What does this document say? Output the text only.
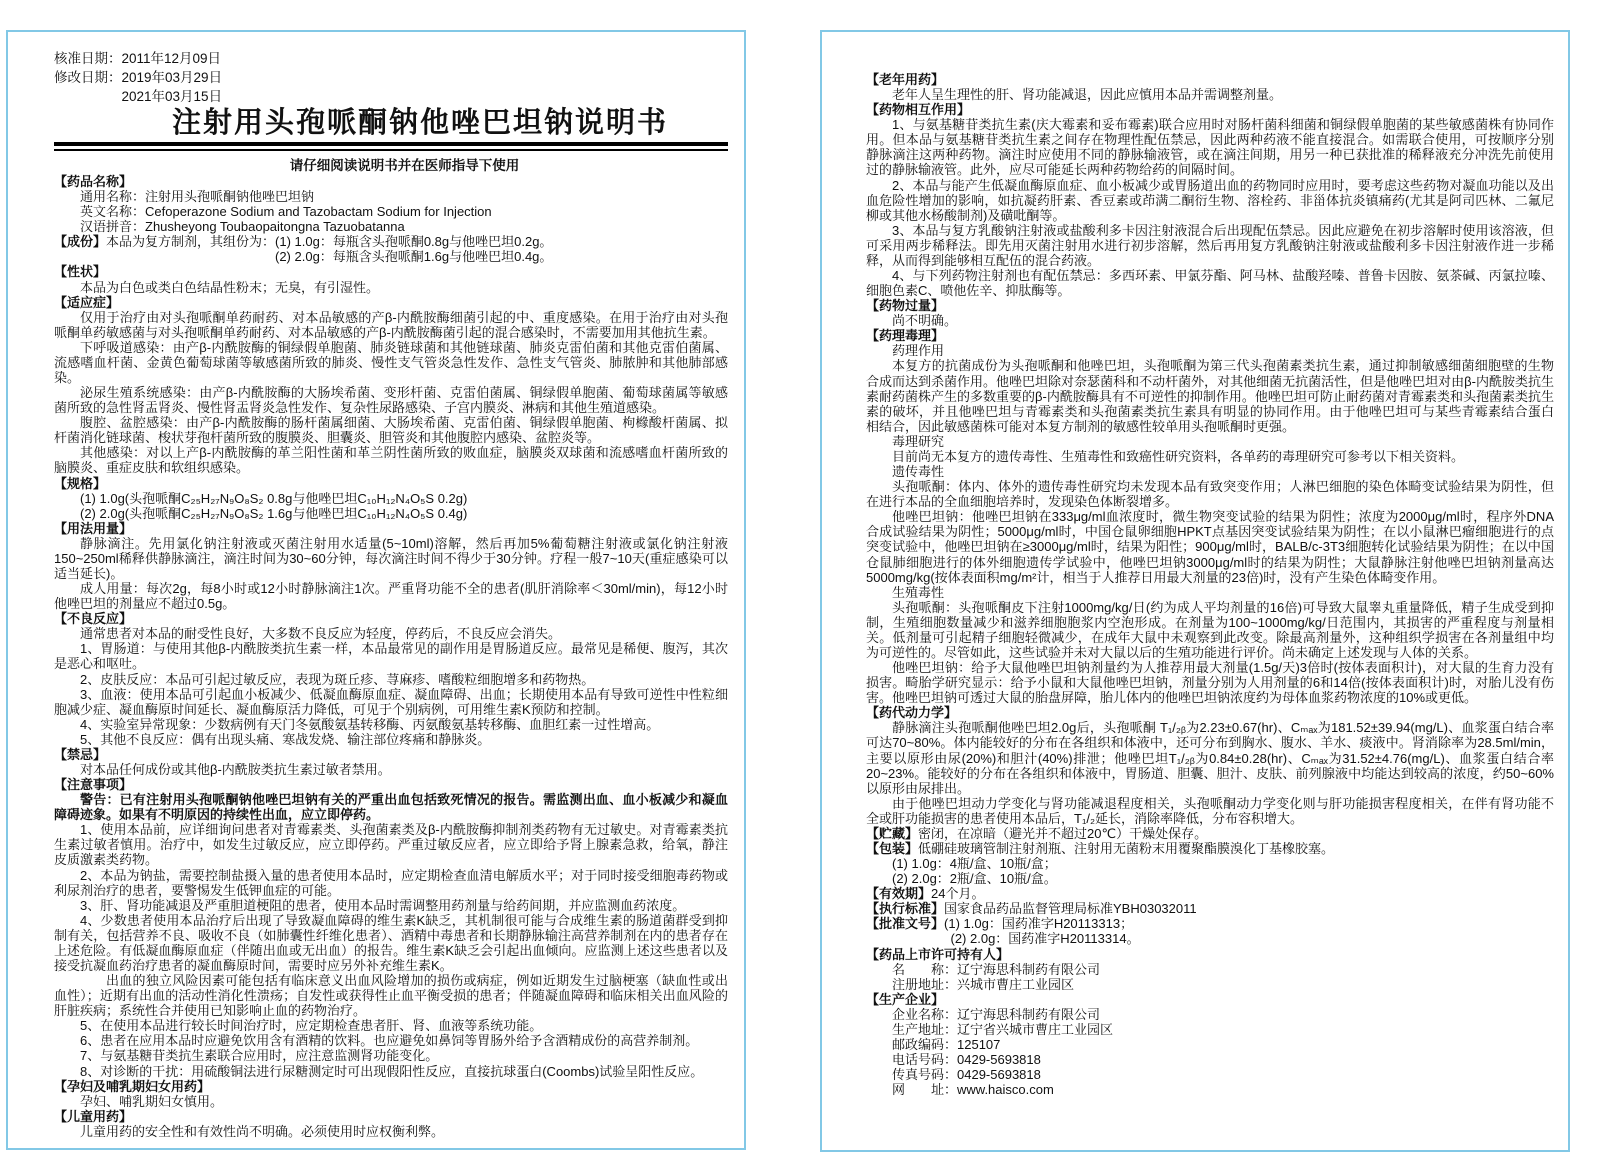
核准日期：2011年12月09日
修改日期：2019年03月29日
2021年03月15日

注射用头孢哌酮钠他唑巴坦钠说明书

请仔细阅读说明书并在医师指导下使用

【药品名称】

通用名称：注射用头孢哌酮钠他唑巴坦钠

英文名称：Cefoperazone Sodium and Tazobactam Sodium for Injection

汉语拼音：Zhusheyong Toubaopaitongna Tazuobatanna

【成份】本品为复方制剂，其组份为：(1) 1.0g：每瓶含头孢哌酮0.8g与他唑巴坦0.2g。

(2) 2.0g：每瓶含头孢哌酮1.6g与他唑巴坦0.4g。

【性状】

本品为白色或类白色结晶性粉末；无臭，有引湿性。

【适应症】

仅用于治疗由对头孢哌酮单药耐药、对本品敏感的产β-内酰胺酶细菌引起的中、重度感染。在用于治疗由对头孢哌酮单药敏感菌与对头孢哌酮单药耐药、对本品敏感的产β-内酰胺酶菌引起的混合感染时，不需要加用其他抗生素。

下呼吸道感染：由产β-内酰胺酶的铜绿假单胞菌、肺炎链球菌和其他链球菌、肺炎克雷伯菌和其他克雷伯菌属、流感嗜血杆菌、金黄色葡萄球菌等敏感菌所致的肺炎、慢性支气管炎急性发作、急性支气管炎、肺脓肿和其他肺部感染。

泌尿生殖系统感染：由产β-内酰胺酶的大肠埃希菌、变形杆菌、克雷伯菌属、铜绿假单胞菌、葡萄球菌属等敏感菌所致的急性肾盂肾炎、慢性肾盂肾炎急性发作、复杂性尿路感染、子宫内膜炎、淋病和其他生殖道感染。

腹腔、盆腔感染：由产β-内酰胺酶的肠杆菌属细菌、大肠埃希菌、克雷伯菌、铜绿假单胞菌、枸橼酸杆菌属、拟杆菌消化链球菌、梭状芽孢杆菌所致的腹膜炎、胆囊炎、胆管炎和其他腹腔内感染、盆腔炎等。

其他感染：对以上产β-内酰胺酶的革兰阳性菌和革兰阴性菌所致的败血症，脑膜炎双球菌和流感嗜血杆菌所致的脑膜炎、重症皮肤和软组织感染。

【规格】

(1) 1.0g(头孢哌酮C₂₅H₂₇N₉O₈S₂ 0.8g与他唑巴坦C₁₀H₁₂N₄O₅S 0.2g)

(2) 2.0g(头孢哌酮C₂₅H₂₇N₉O₈S₂ 1.6g与他唑巴坦C₁₀H₁₂N₄O₅S 0.4g)

【用法用量】

静脉滴注。先用氯化钠注射液或灭菌注射用水适量(5~10ml)溶解，然后再加5%葡萄糖注射液或氯化钠注射液150~250ml稀释供静脉滴注，滴注时间为30~60分钟，每次滴注时间不得少于30分钟。疗程一般7~10天(重症感染可以适当延长)。

成人用量：每次2g，每8小时或12小时静脉滴注1次。严重肾功能不全的患者(肌肝消除率＜30ml/min)，每12小时他唑巴坦的剂量应不超过0.5g。

【不良反应】

通常患者对本品的耐受性良好，大多数不良反应为轻度，停药后，不良反应会消失。

1、胃肠道：与使用其他β-内酰胺类抗生素一样，本品最常见的副作用是胃肠道反应。最常见是稀便、腹泻，其次是恶心和呕吐。

2、皮肤反应：本品可引起过敏反应，表现为斑丘疹、荨麻疹、嗜酸粒细胞增多和药物热。

3、血液：使用本品可引起血小板减少、低凝血酶原血症、凝血障碍、出血；长期使用本品有导致可逆性中性粒细胞减少症、凝血酶原时间延长、凝血酶原活力降低，可见于个别病例，可用维生素K预防和控制。

4、实验室异常现象：少数病例有天门冬氨酸氨基转移酶、丙氨酸氨基转移酶、血胆红素一过性增高。

5、其他不良反应：偶有出现头痛、寒战发烧、输注部位疼痛和静脉炎。

【禁忌】

对本品任何成份或其他β-内酰胺类抗生素过敏者禁用。

【注意事项】

警告：已有注射用头孢哌酮钠他唑巴坦钠有关的严重出血包括致死情况的报告。需监测出血、血小板减少和凝血障碍迹象。如果有不明原因的持续性出血，应立即停药。

1、使用本品前，应详细询问患者对青霉素类、头孢菌素类及β-内酰胺酶抑制剂类药物有无过敏史。对青霉素类抗生素过敏者慎用。治疗中，如发生过敏反应，应立即停药。严重过敏反应者，应立即给予肾上腺素急救，给氧，静注皮质激素类药物。

2、本品为钠盐，需要控制盐摄入量的患者使用本品时，应定期检查血清电解质水平；对于同时接受细胞毒药物或利尿剂治疗的患者，要警惕发生低钾血症的可能。

3、肝、肾功能减退及严重胆道梗阻的患者，使用本品时需调整用药剂量与给药间期，并应监测血药浓度。

4、少数患者使用本品治疗后出现了导致凝血障碍的维生素K缺乏，其机制很可能与合成维生素的肠道菌群受到抑制有关，包括营养不良、吸收不良（如肺囊性纤维化患者）、酒精中毒患者和长期静脉输注高营养制剂在内的患者存在上述危险。有低凝血酶原血症（伴随出血或无出血）的报告。维生素K缺乏会引起出血倾向。应监测上述这些患者以及接受抗凝血药治疗患者的凝血酶原时间，需要时应另外补充维生素K。

出血的独立风险因素可能包括有临床意义出血风险增加的损伤或病症，例如近期发生过脑梗塞（缺血性或出血性）；近期有出血的活动性消化性溃疡；自发性或获得性止血平衡受损的患者；伴随凝血障碍和临床相关出血风险的肝脏疾病；系统性合并使用已知影响止血的药物治疗。

5、在使用本品进行较长时间治疗时，应定期检查患者肝、肾、血液等系统功能。

6、患者在应用本品时应避免饮用含有酒精的饮料。也应避免如鼻饲等胃肠外给予含酒精成份的高营养制剂。

7、与氨基糖苷类抗生素联合应用时，应注意监测肾功能变化。

8、对诊断的干扰：用硫酸铜法进行尿糖测定时可出现假阳性反应，直接抗球蛋白(Coombs)试验呈阳性反应。

【孕妇及哺乳期妇女用药】

孕妇、哺乳期妇女慎用。

【儿童用药】

儿童用药的安全性和有效性尚不明确。必须使用时应权衡利弊。

【老年用药】

老年人呈生理性的肝、肾功能减退，因此应慎用本品并需调整剂量。

【药物相互作用】

1、与氨基糖苷类抗生素(庆大霉素和妥布霉素)联合应用时对肠杆菌科细菌和铜绿假单胞菌的某些敏感菌株有协同作用。但本品与氨基糖苷类抗生素之间存在物理性配伍禁忌，因此两种药液不能直接混合。如需联合使用，可按顺序分别静脉滴注这两种药物。滴注时应使用不同的静脉输液管，或在滴注间期，用另一种已获批准的稀释液充分冲洗先前使用过的静脉输液管。此外，应尽可能延长两种药物给药的间隔时间。

2、本品与能产生低凝血酶原血症、血小板减少或胃肠道出血的药物同时应用时，要考虑这些药物对凝血功能以及出血危险性增加的影响，如抗凝药肝素、香豆素或茚满二酮衍生物、溶栓药、非甾体抗炎镇痛药(尤其是阿司匹林、二氟尼柳或其他水杨酸制剂)及磺吡酮等。

3、本品与复方乳酸钠注射液或盐酸利多卡因注射液混合后出现配伍禁忌。因此应避免在初步溶解时使用该溶液，但可采用两步稀释法。即先用灭菌注射用水进行初步溶解，然后再用复方乳酸钠注射液或盐酸利多卡因注射液作进一步稀释，从而得到能够相互配伍的混合药液。

4、与下列药物注射剂也有配伍禁忌：多西环素、甲氯芬酯、阿马林、盐酸羟嗪、普鲁卡因胺、氨茶碱、丙氯拉嗪、细胞色素C、喷他佐辛、抑肽酶等。

【药物过量】

尚不明确。

【药理毒理】

药理作用

本复方的抗菌成份为头孢哌酮和他唑巴坦，头孢哌酮为第三代头孢菌素类抗生素，通过抑制敏感细菌细胞壁的生物合成而达到杀菌作用。他唑巴坦除对奈瑟菌科和不动杆菌外，对其他细菌无抗菌活性，但是他唑巴坦对由β-内酰胺类抗生素耐药菌株产生的多数重要的β-内酰胺酶具有不可逆性的抑制作用。他唑巴坦可防止耐药菌对青霉素类和头孢菌素类抗生素的破坏，并且他唑巴坦与青霉素类和头孢菌素类抗生素具有明显的协同作用。由于他唑巴坦可与某些青霉素结合蛋白相结合，因此敏感菌株可能对本复方制剂的敏感性较单用头孢哌酮时更强。

毒理研究

目前尚无本复方的遗传毒性、生殖毒性和致癌性研究资料，各单药的毒理研究可参考以下相关资料。

遗传毒性

头孢哌酮：体内、体外的遗传毒性研究均未发现本品有致突变作用；人淋巴细胞的染色体畸变试验结果为阴性，但在进行本品的全血细胞培养时，发现染色体断裂增多。

他唑巴坦钠：他唑巴坦钠在333μg/ml血浓度时，微生物突变试验的结果为阴性；浓度为2000μg/ml时，程序外DNA合成试验结果为阴性；5000μg/ml时，中国仓鼠卵细胞HPKT点基因突变试验结果为阴性；在以小鼠淋巴瘤细胞进行的点突变试验中，他唑巴坦钠在≥3000μg/ml时，结果为阳性；900μg/ml时，BALB/c-3T3细胞转化试验结果为阴性；在以中国仓鼠肺细胞进行的体外细胞遗传学试验中，他唑巴坦钠3000μg/ml时的结果为阴性；大鼠静脉注射他唑巴坦钠剂量高达5000mg/kg(按体表面积mg/m²计，相当于人推荐日用最大剂量的23倍)时，没有产生染色体畸变作用。

生殖毒性

头孢哌酮：头孢哌酮皮下注射1000mg/kg/日(约为成人平均剂量的16倍)可导致大鼠睾丸重量降低，精子生成受到抑制，生殖细胞数量减少和滋养细胞胞浆内空泡形成。在剂量为100~1000mg/kg/日范围内，其损害的严重程度与剂量相关。低剂量可引起精子细胞轻微减少，在成年大鼠中未观察到此改变。除最高剂量外，这种组织学损害在各剂量组中均为可逆性的。尽管如此，这些试验并未对大鼠以后的生殖功能进行评价。尚未确定上述发现与人体的关系。

他唑巴坦钠：给予大鼠他唑巴坦钠剂量约为人推荐用最大剂量(1.5g/天)3倍时(按体表面积计)，对大鼠的生育力没有损害。畸胎学研究显示：给予小鼠和大鼠他唑巴坦钠，剂量分别为人用剂量的6和14倍(按体表面积计)时，对胎儿没有伤害。他唑巴坦钠可透过大鼠的胎盘屏障，胎儿体内的他唑巴坦钠浓度约为母体血浆药物浓度的10%或更低。

【药代动力学】

静脉滴注头孢哌酮他唑巴坦2.0g后，头孢哌酮 T₁/₂ᵦ为2.23±0.67(hr)、Cₘₐₓ为181.52±39.94(mg/L)、血浆蛋白结合率可达70~80%。体内能较好的分布在各组织和体液中，还可分布到胸水、腹水、羊水、痰液中。肾消除率为28.5ml/min，主要以原形由尿(20%)和胆汁(40%)排泄；他唑巴坦T₁/₂ᵦ为0.84±0.28(hr)、Cₘₐₓ为31.52±4.76(mg/L)、血浆蛋白结合率20~23%。能较好的分布在各组织和体液中，胃肠道、胆囊、胆汁、皮肤、前列腺液中均能达到较高的浓度，约50~60%以原形由尿排出。

由于他唑巴坦动力学变化与肾功能减退程度相关，头孢哌酮动力学变化则与肝功能损害程度相关，在伴有肾功能不全或肝功能损害的患者使用本品后，T₁/₂延长，消除率降低，分布容积增大。

【贮藏】密闭，在凉暗（避光并不超过20℃）干燥处保存。

【包装】低硼硅玻璃管制注射剂瓶、注射用无菌粉末用覆聚酯膜溴化丁基橡胶塞。

(1) 1.0g：4瓶/盒、10瓶/盒；

(2) 2.0g：2瓶/盒、10瓶/盒。

【有效期】24个月。

【执行标准】国家食品药品监督管理局标准YBH03032011

【批准文号】(1) 1.0g：国药准字H20113313；

(2) 2.0g：国药准字H20113314。

【药品上市许可持有人】

名　　称：辽宁海思科制药有限公司

注册地址：兴城市曹庄工业园区

【生产企业】

企业名称：辽宁海思科制药有限公司

生产地址：辽宁省兴城市曹庄工业园区

邮政编码：125107

电话号码：0429-5693818

传真号码：0429-5693818

网　　址：www.haisco.com
